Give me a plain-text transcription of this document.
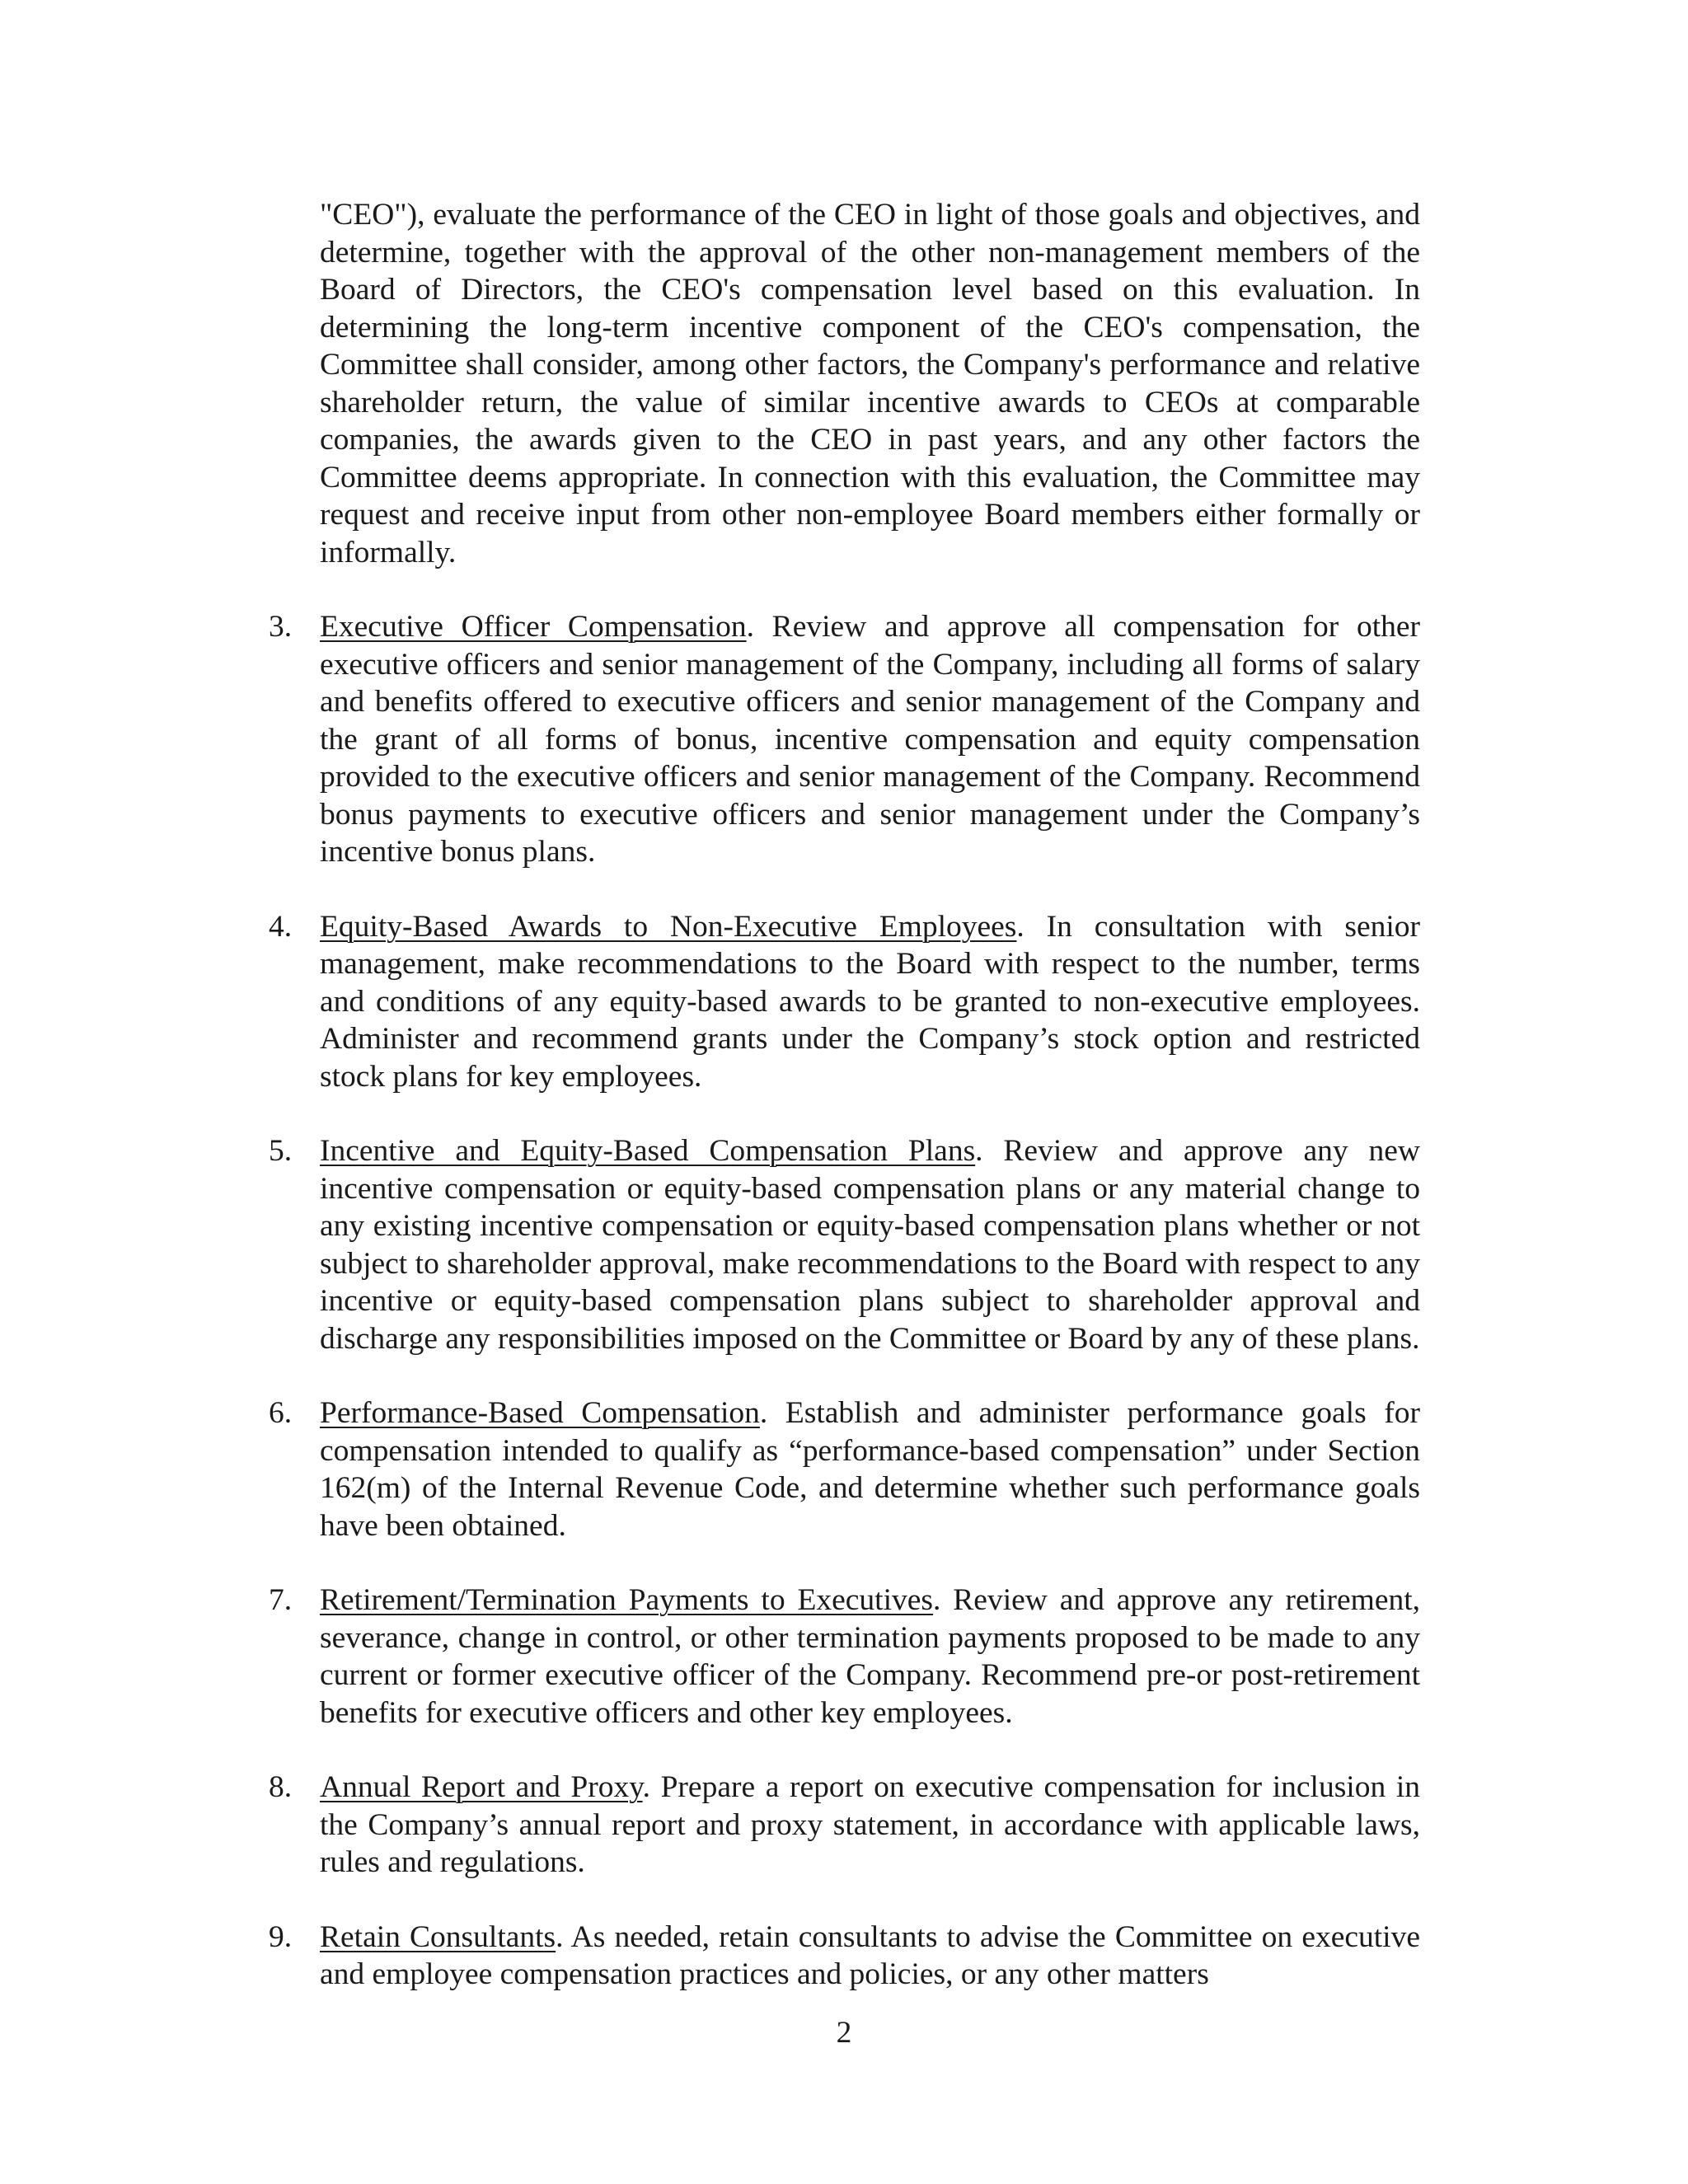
"CEO"), evaluate the performance of the CEO in light of those goals and objectives, and determine, together with the approval of the other non-management members of the Board of Directors, the CEO's compensation level based on this evaluation. In determining the long-term incentive component of the CEO's compensation, the Committee shall consider, among other factors, the Company's performance and relative shareholder return, the value of similar incentive awards to CEOs at comparable companies, the awards given to the CEO in past years, and any other factors the Committee deems appropriate. In connection with this evaluation, the Committee may request and receive input from other non-employee Board members either formally or informally.

3. Executive Officer Compensation. Review and approve all compensation for other executive officers and senior management of the Company, including all forms of salary and benefits offered to executive officers and senior management of the Company and the grant of all forms of bonus, incentive compensation and equity compensation provided to the executive officers and senior management of the Company. Recommend bonus payments to executive officers and senior management under the Company’s incentive bonus plans.

4. Equity-Based Awards to Non-Executive Employees. In consultation with senior management, make recommendations to the Board with respect to the number, terms and conditions of any equity-based awards to be granted to non-executive employees. Administer and recommend grants under the Company’s stock option and restricted stock plans for key employees.

5. Incentive and Equity-Based Compensation Plans. Review and approve any new incentive compensation or equity-based compensation plans or any material change to any existing incentive compensation or equity-based compensation plans whether or not subject to shareholder approval, make recommendations to the Board with respect to any incentive or equity-based compensation plans subject to shareholder approval and discharge any responsibilities imposed on the Committee or Board by any of these plans.

6. Performance-Based Compensation. Establish and administer performance goals for compensation intended to qualify as “performance-based compensation” under Section 162(m) of the Internal Revenue Code, and determine whether such performance goals have been obtained.

7. Retirement/Termination Payments to Executives. Review and approve any retirement, severance, change in control, or other termination payments proposed to be made to any current or former executive officer of the Company. Recommend pre-or post-retirement benefits for executive officers and other key employees.

8. Annual Report and Proxy. Prepare a report on executive compensation for inclusion in the Company’s annual report and proxy statement, in accordance with applicable laws, rules and regulations.

9. Retain Consultants. As needed, retain consultants to advise the Committee on executive and employee compensation practices and policies, or any other matters

2
